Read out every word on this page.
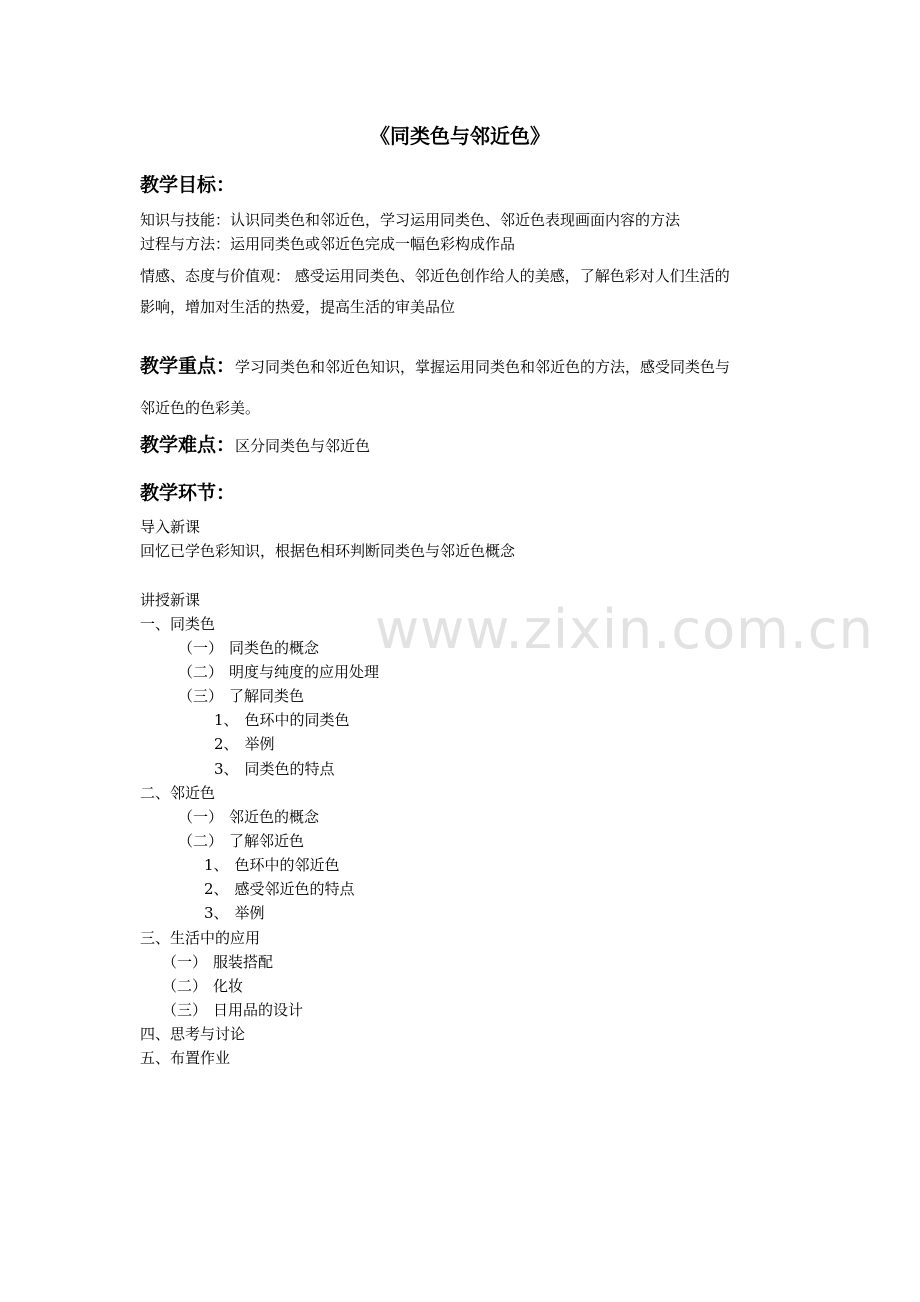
《同类色与邻近色》
教学目标：
知识与技能：认识同类色和邻近色，学习运用同类色、邻近色表现画面内容的方法
过程与方法：运用同类色或邻近色完成一幅色彩构成作品
情感、态度与价值观： 感受运用同类色、邻近色创作给人的美感，了解色彩对人们生活的
影响，增加对生活的热爱，提高生活的审美品位
教学重点：学习同类色和邻近色知识，掌握运用同类色和邻近色的方法，感受同类色与
邻近色的色彩美。
教学难点：区分同类色与邻近色
教学环节：
导入新课
回忆已学色彩知识，根据色相环判断同类色与邻近色概念
讲授新课
一、同类色
（一） 同类色的概念
（二） 明度与纯度的应用处理
（三） 了解同类色
1、 色环中的同类色
2、 举例
3、 同类色的特点
二、邻近色
（一） 邻近色的概念
（二） 了解邻近色
1、 色环中的邻近色
2、 感受邻近色的特点
3、 举例
三、生活中的应用
（一） 服装搭配
（二） 化妆
（三） 日用品的设计
四、思考与讨论
五、布置作业
www.zixin.com.cn
